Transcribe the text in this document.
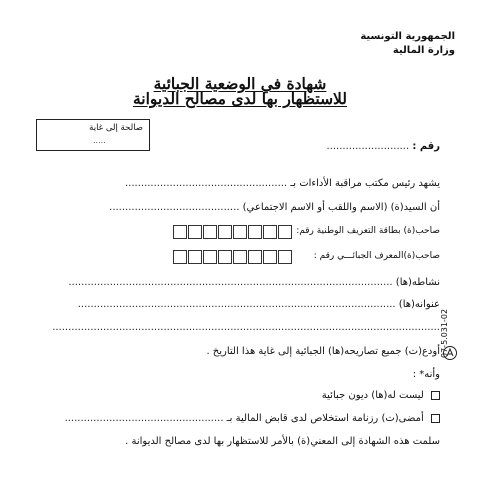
الجمهورية التونسية
وزارة المالية
شهادة في الوضعية الجبائية
للاستظهار بها لدى مصالح الديوانة
صالحة إلى غاية
.....
رقم : ..........................
يشهد رئيس مكتب مراقبة الأداءات بـ ...................................................
أن السيد(ة) (الاسم واللقب أو الاسم الاجتماعي) .........................................
صاحب(ة) بطاقة التعريف الوطنية رقم:
صاحب(ة)المعرف الجبائـــي رقم :
نشاطه(ها) ......................................................................................................
عنوانه(ها) ....................................................................................................
..........................................................................................................................
أودع(ت) جميع تصاريحه(ها) الجبائية إلى غاية هذا التاريخ .
وأنه* :
ليست له(ها) ديون جبائية
أمضى(ت) رزنامة استخلاص لدى قابض المالية بـ ..................................................
سلمت هذه الشهادة إلى المعني(ة) بالأمر للاستظهار بها لدى مصالح الديوانة .
07-5.031-02
